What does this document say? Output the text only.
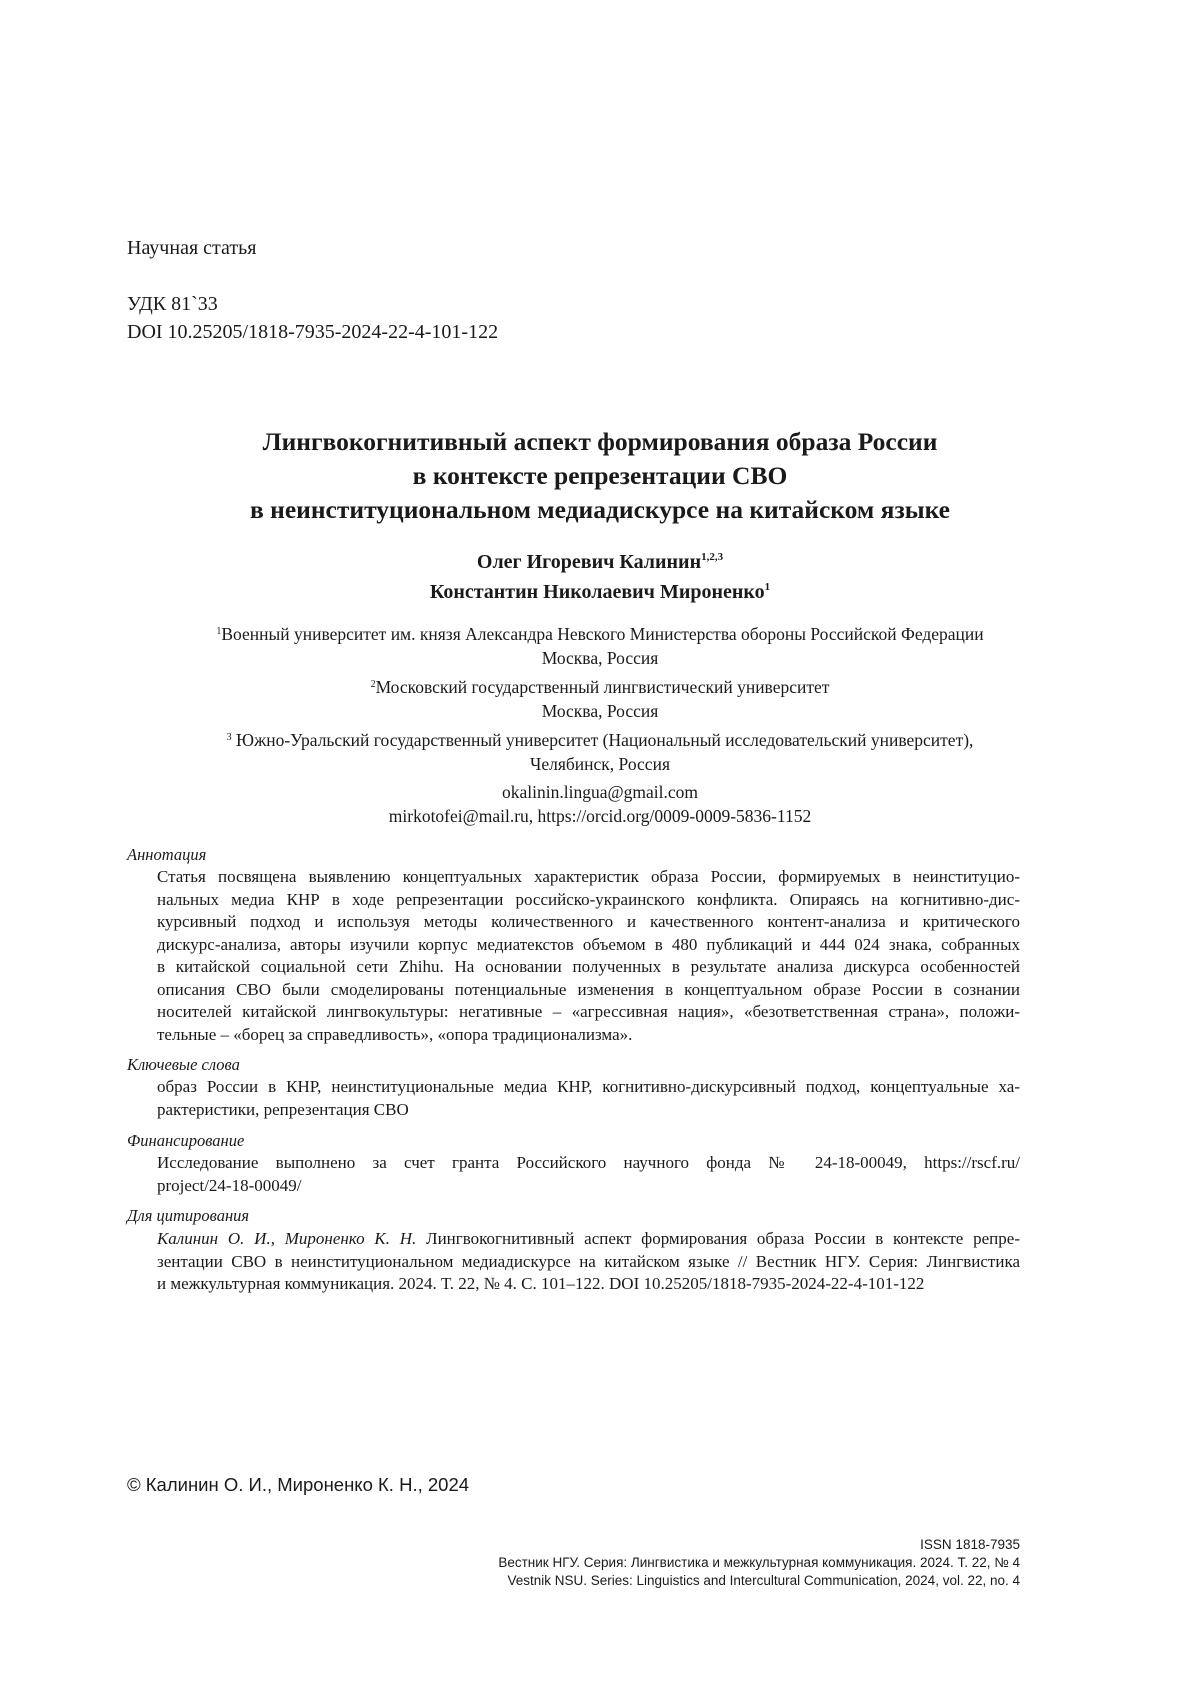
Научная статья
УДК 81`33
DOI 10.25205/1818-7935-2024-22-4-101-122
Лингвокогнитивный аспект формирования образа России
в контексте репрезентации СВО
в неинституциональном медиадискурсе на китайском языке
Олег Игоревич Калинин1,2,3
Константин Николаевич Мироненко1
1Военный университет им. князя Александра Невского Министерства обороны Российской Федерации
Москва, Россия
2Московский государственный лингвистический университет
Москва, Россия
3 Южно-Уральский государственный университет (Национальный исследовательский университет),
Челябинск, Россия
okalinin.lingua@gmail.com
mirkotofei@mail.ru, https://orcid.org/0009-0009-5836-1152
Аннотация
Статья посвящена выявлению концептуальных характеристик образа России, формируемых в неинституцио-
нальных медиа КНР в ходе репрезентации российско-украинского конфликта. Опираясь на когнитивно-дис-
курсивный подход и используя методы количественного и качественного контент-анализа и критического
дискурс-анализа, авторы изучили корпус медиатекстов объемом в 480 публикаций и 444 024 знака, собранных
в китайской социальной сети Zhihu. На основании полученных в результате анализа дискурса особенностей
описания СВО были смоделированы потенциальные изменения в концептуальном образе России в сознании
носителей китайской лингвокультуры: негативные – «агрессивная нация», «безответственная страна», положи-
тельные – «борец за справедливость», «опора традиционализма».
Ключевые слова
образ России в КНР, неинституциональные медиа КНР, когнитивно-дискурсивный подход, концептуальныe ха-
рактеристики, репрезентация СВО
Финансирование
Исследование выполнено за счет гранта Российского научного фонда № 24-18-00049, https://rscf.ru/
project/24-18-00049/
Для цитирования
Калинин О. И., Мироненко К. Н. Лингвокогнитивный аспект формирования образа России в контексте репре-
зентации СВО в неинституциональном медиадискурсе на китайском языке // Вестник НГУ. Серия: Лингвистика
и межкультурная коммуникация. 2024. Т. 22, № 4. С. 101–122. DOI 10.25205/1818-7935-2024-22-4-101-122
© Калинин О. И., Мироненко К. Н., 2024
ISSN 1818-7935
Вестник НГУ. Серия: Лингвистика и межкультурная коммуникация. 2024. Т. 22, № 4
Vestnik NSU. Series: Linguistics and Intercultural Communication, 2024, vol. 22, no. 4
